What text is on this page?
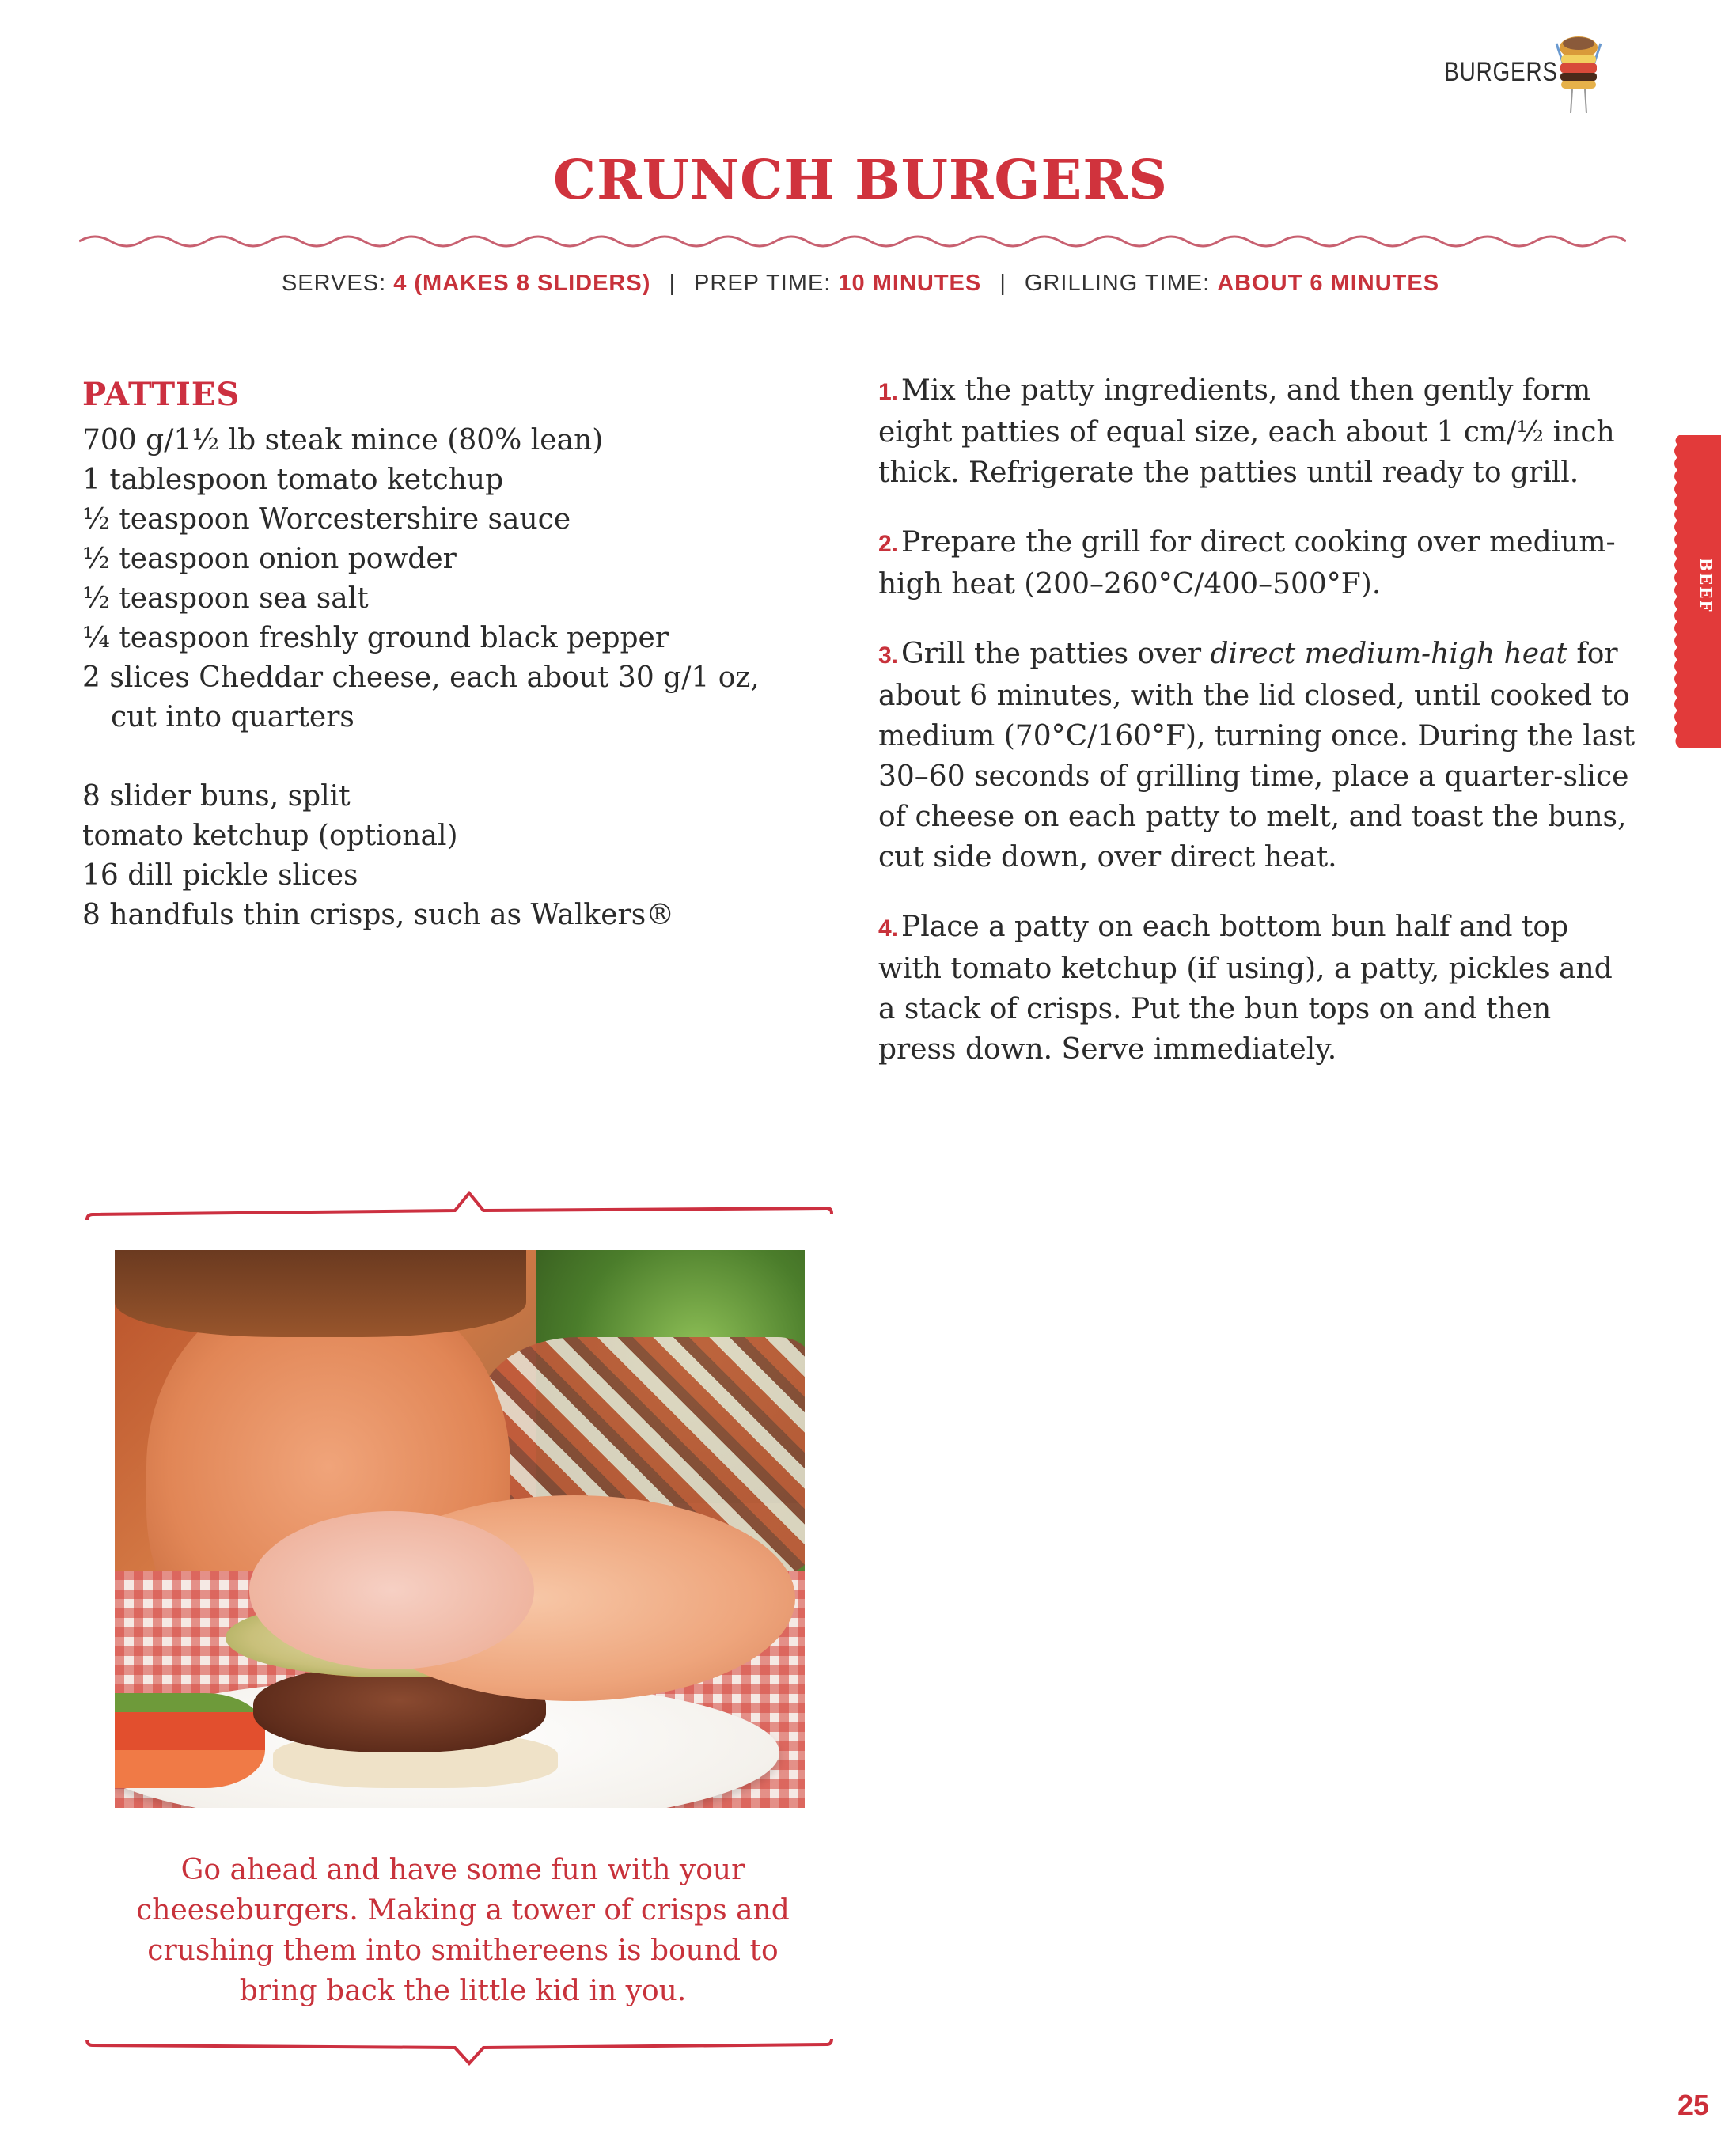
BURGERS
CRUNCH BURGERS
SERVES: 4 (MAKES 8 SLIDERS) | PREP TIME: 10 MINUTES | GRILLING TIME: ABOUT 6 MINUTES
PATTIES
700 g/1½ lb steak mince (80% lean)
1 tablespoon tomato ketchup
½ teaspoon Worcestershire sauce
½ teaspoon onion powder
½ teaspoon sea salt
¼ teaspoon freshly ground black pepper
2 slices Cheddar cheese, each about 30 g/1 oz, cut into quarters
8 slider buns, split
tomato ketchup (optional)
16 dill pickle slices
8 handfuls thin crisps, such as Walkers®

1. Mix the patty ingredients, and then gently form eight patties of equal size, each about 1 cm/½ inch thick. Refrigerate the patties until ready to grill.

2. Prepare the grill for direct cooking over medium-high heat (200–260°C/400–500°F).

3. Grill the patties over direct medium-high heat for about 6 minutes, with the lid closed, until cooked to medium (70°C/160°F), turning once. During the last 30–60 seconds of grilling time, place a quarter-slice of cheese on each patty to melt, and toast the buns, cut side down, over direct heat.

4. Place a patty on each bottom bun half and top with tomato ketchup (if using), a patty, pickles and a stack of crisps. Put the bun tops on and then press down. Serve immediately.

Go ahead and have some fun with your cheeseburgers. Making a tower of crisps and crushing them into smithereens is bound to bring back the little kid in you.
BEEF
25
